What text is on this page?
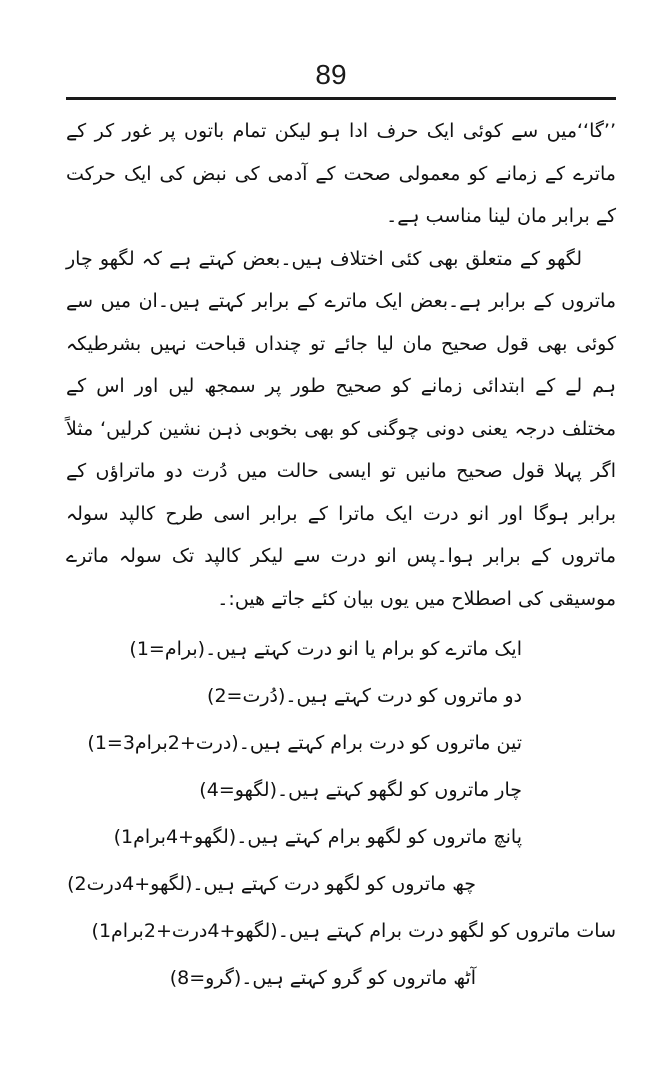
89

’’گا‘‘میں سے کوئی ایک حرف ادا ہو لیکن تمام باتوں پر غور کر کے ماترے کے زمانے کو معمولی صحت کے آدمی کی نبض کی ایک حرکت کے برابر مان لینا مناسب ہے۔

لگھو کے متعلق بھی کئی اختلاف ہیں۔بعض کہتے ہے کہ لگھو چار ماتروں کے برابر ہے۔بعض ایک ماترے کے برابر کہتے ہیں۔ان میں سے کوئی بھی قول صحیح مان لیا جائے تو چنداں قباحت نہیں بشرطیکہ ہم لے کے ابتدائی زمانے کو صحیح طور پر سمجھ لیں اور اس کے مختلف درجہ یعنی دونی چوگنی کو بھی بخوبی ذہن نشین کرلیں‘ مثلاً اگر پہلا قول صحیح مانیں تو ایسی حالت میں دُرت دو ماتراؤں کے برابر ہوگا اور انو درت ایک ماترا کے برابر اسی طرح کالپد سولہ ماتروں کے برابر ہوا۔پس انو درت سے لیکر کالپد تک سولہ ماترے موسیقی کی اصطلاح میں یوں بیان کئے جاتے ھیں:۔

ایک ماترے کو برام یا انو درت کہتے ہیں۔(برام=1)
دو ماتروں کو درت کہتے ہیں۔(دُرت=2)
تین ماتروں کو درت برام کہتے ہیں۔(درت+2برام3=1)
چار ماتروں کو لگھو کہتے ہیں۔(لگھو=4)
پانچ ماتروں کو لگھو برام کہتے ہیں۔(لگھو+4برام1)
چھ ماتروں کو لگھو درت کہتے ہیں۔(لگھو+4درت2)
سات ماتروں کو لگھو درت برام کہتے ہیں۔(لگھو+4درت+2برام1)
آٹھ ماتروں کو گرو کہتے ہیں۔(گرو=8)
